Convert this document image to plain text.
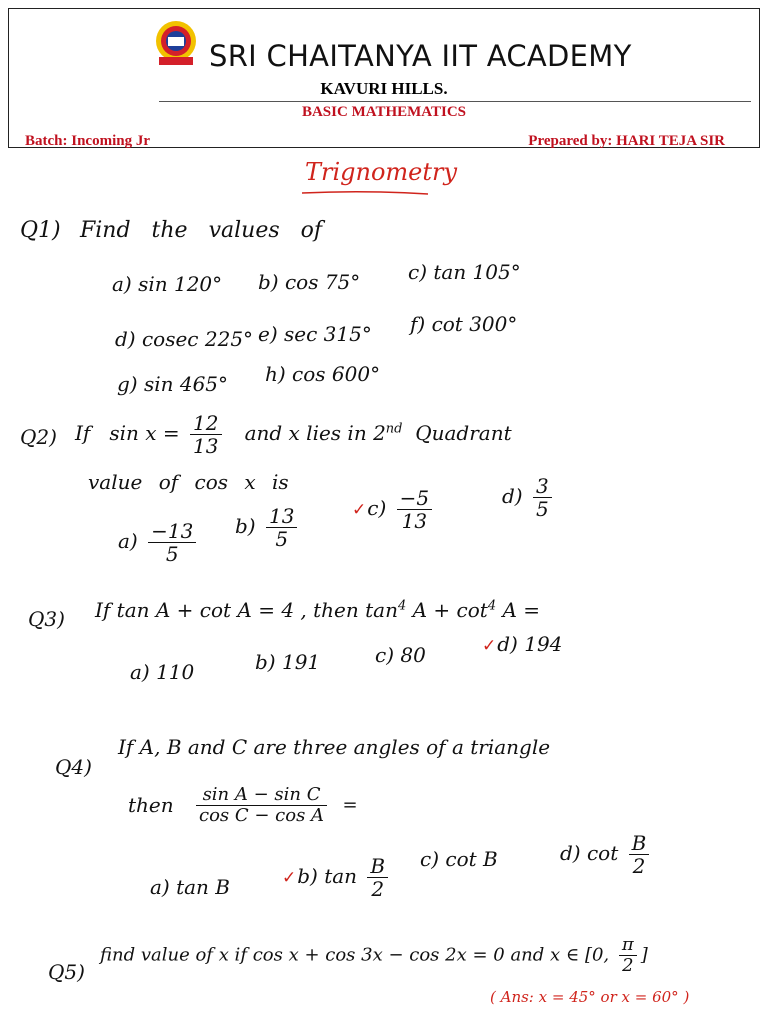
SRI CHAITANYA IIT ACADEMY
KAVURI HILLS.
BASIC MATHEMATICS
Batch: Incoming Jr	Prepared by: HARI TEJA SIR
Trignometry
Q1) Find the values of
a) sin 120° b) cos 75° c) tan 105°
d) cosec 225° e) sec 315° f) cot 300°
g) sin 465° h) cos 600°
Q2) If $\sin x = \frac{12}{13}$ and x lies in 2nd Quadrant
value of cos x is
$a) \frac{-13}{5} b) \frac{13}{5}$	✓c) $\frac{-5}{13}$	$d) \frac{3}{5}$
Q3) If tan A + cot A = 4 , then $\tan^4 A + \cot^4 A$ =
a) 110	b) 191	c) 80	✓d) 194
Q4)
If A, B and C are three angles of a triangle
then $\frac{\text{sin A − sin C}}{\text{cos C − cos A}}$ =
a) tan B	✓b) $\tan \frac{B}{2} c$) cot B	d) $\cot \frac{B}{2}$
Q5)
find value of x if cos x + cos 3x − cos 2x = 0 and x ∈ [0, $\frac{\pi}{2}$ ]
( Ans: x = 45° or x = 60° )
